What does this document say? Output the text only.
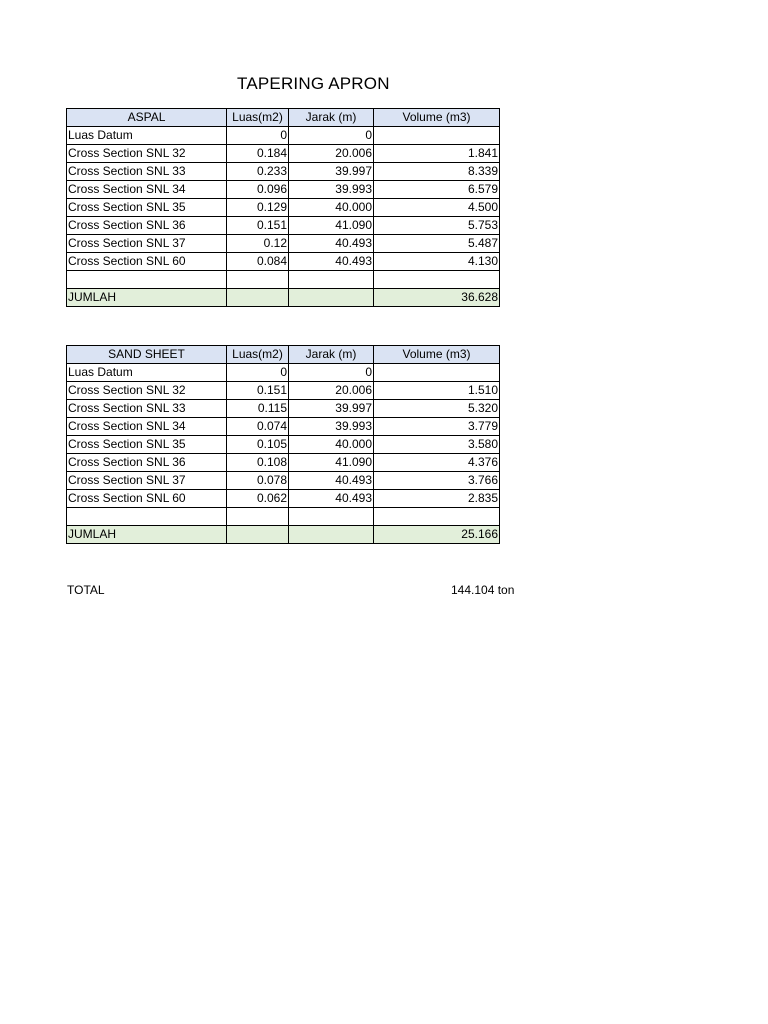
TAPERING APRON
ASPAL	Luas(m2)	Jarak (m)	Volume (m3)
Luas Datum	0	0	
Cross Section SNL 32	0.184	20.006	1.841
Cross Section SNL 33	0.233	39.997	8.339
Cross Section SNL 34	0.096	39.993	6.579
Cross Section SNL 35	0.129	40.000	4.500
Cross Section SNL 36	0.151	41.090	5.753
Cross Section SNL 37	0.12	40.493	5.487
Cross Section SNL 60	0.084	40.493	4.130

JUMLAH			36.628
SAND SHEET	Luas(m2)	Jarak (m)	Volume (m3)
Luas Datum	0	0	
Cross Section SNL 32	0.151	20.006	1.510
Cross Section SNL 33	0.115	39.997	5.320
Cross Section SNL 34	0.074	39.993	3.779
Cross Section SNL 35	0.105	40.000	3.580
Cross Section SNL 36	0.108	41.090	4.376
Cross Section SNL 37	0.078	40.493	3.766
Cross Section SNL 60	0.062	40.493	2.835

JUMLAH			25.166
TOTAL	144.104 ton
